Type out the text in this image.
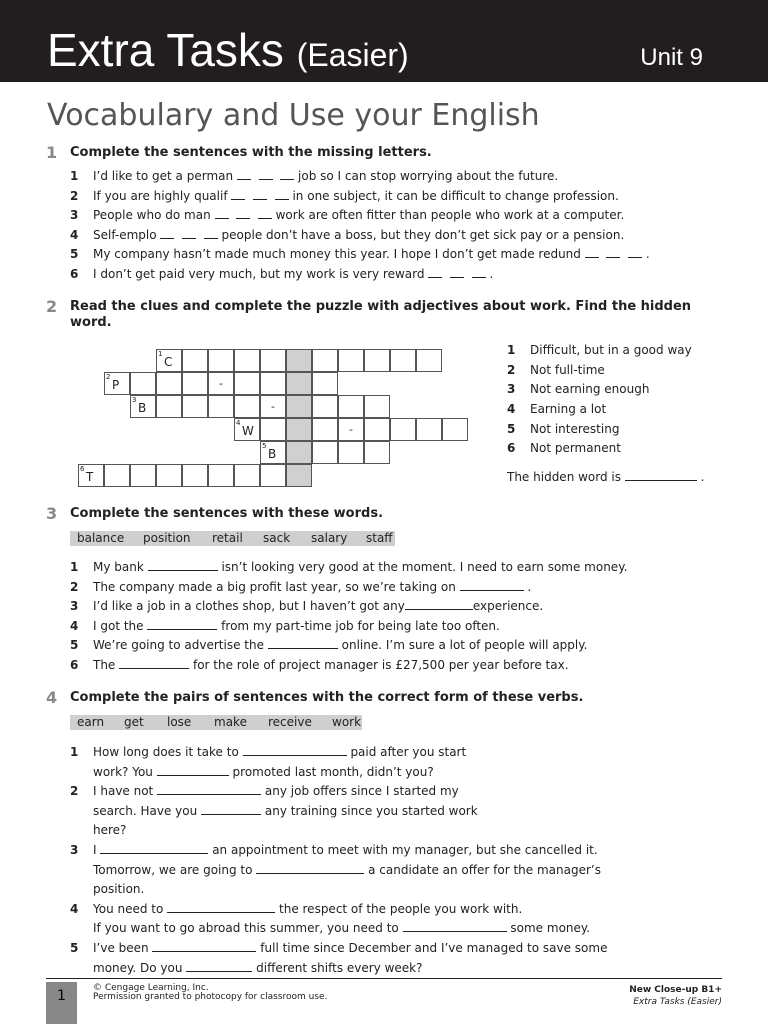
Extra Tasks (Easier)	Unit 9
Vocabulary and Use your English
1 Complete the sentences with the missing letters.
1 I’d like to get a perman	job so I can stop worrying about the future.
2 If you are highly qualif	in one subject, it can be difficult to change profession.
3 People who do man	work are often fitter than people who work at a computer.
4 Self-emplo	people don’t have a boss, but they don’t get sick pay or a pension.
5 My company hasn’t made much money this year. I hope I don’t get made redund	.
6 I don’t get paid very much, but my work is very reward	.
2 Read the clues and complete the puzzle with adjectives about work. Find the hidden
word.
1
C
2
P	-
3
B	-
4
W	-
5
B
6
T
1 Difficult, but in a good way
2 Not full-time
3 Not earning enough
4 Earning a lot
5 Not interesting
6 Not permanent
The hidden word is	.
3 Complete the sentences with these words.
balance position retail sack salary staff
1 My bank	isn’t looking very good at the moment. I need to earn some money.
2 The company made a big profit last year, so we’re taking on	.
3 I’d like a job in a clothes shop, but I haven’t got any	experience.
4 I got the	from my part-time job for being late too often.
5 We’re going to advertise the	online. I’m sure a lot of people will apply.
6 The	for the role of project manager is £27,500 per year before tax.
4 Complete the pairs of sentences with the correct form of these verbs.
earn get lose make receive work
1 How long does it take to	paid after you start
work? You	promoted last month, didn’t you?
2 I have not	any job offers since I started my
search. Have you	any training since you started work
here?
3 I	an appointment to meet with my manager, but she cancelled it.
Tomorrow, we are going to	a candidate an offer for the manager’s
position.
4 You need to	the respect of the people you work with.
If you want to go abroad this summer, you need to	some money.
5 I’ve been	full time since December and I’ve managed to save some
money. Do you	different shifts every week?
1	© Cengage Learning, Inc.
Permission granted to photocopy for classroom use.
New Close-up B1+
Extra Tasks (Easier)
